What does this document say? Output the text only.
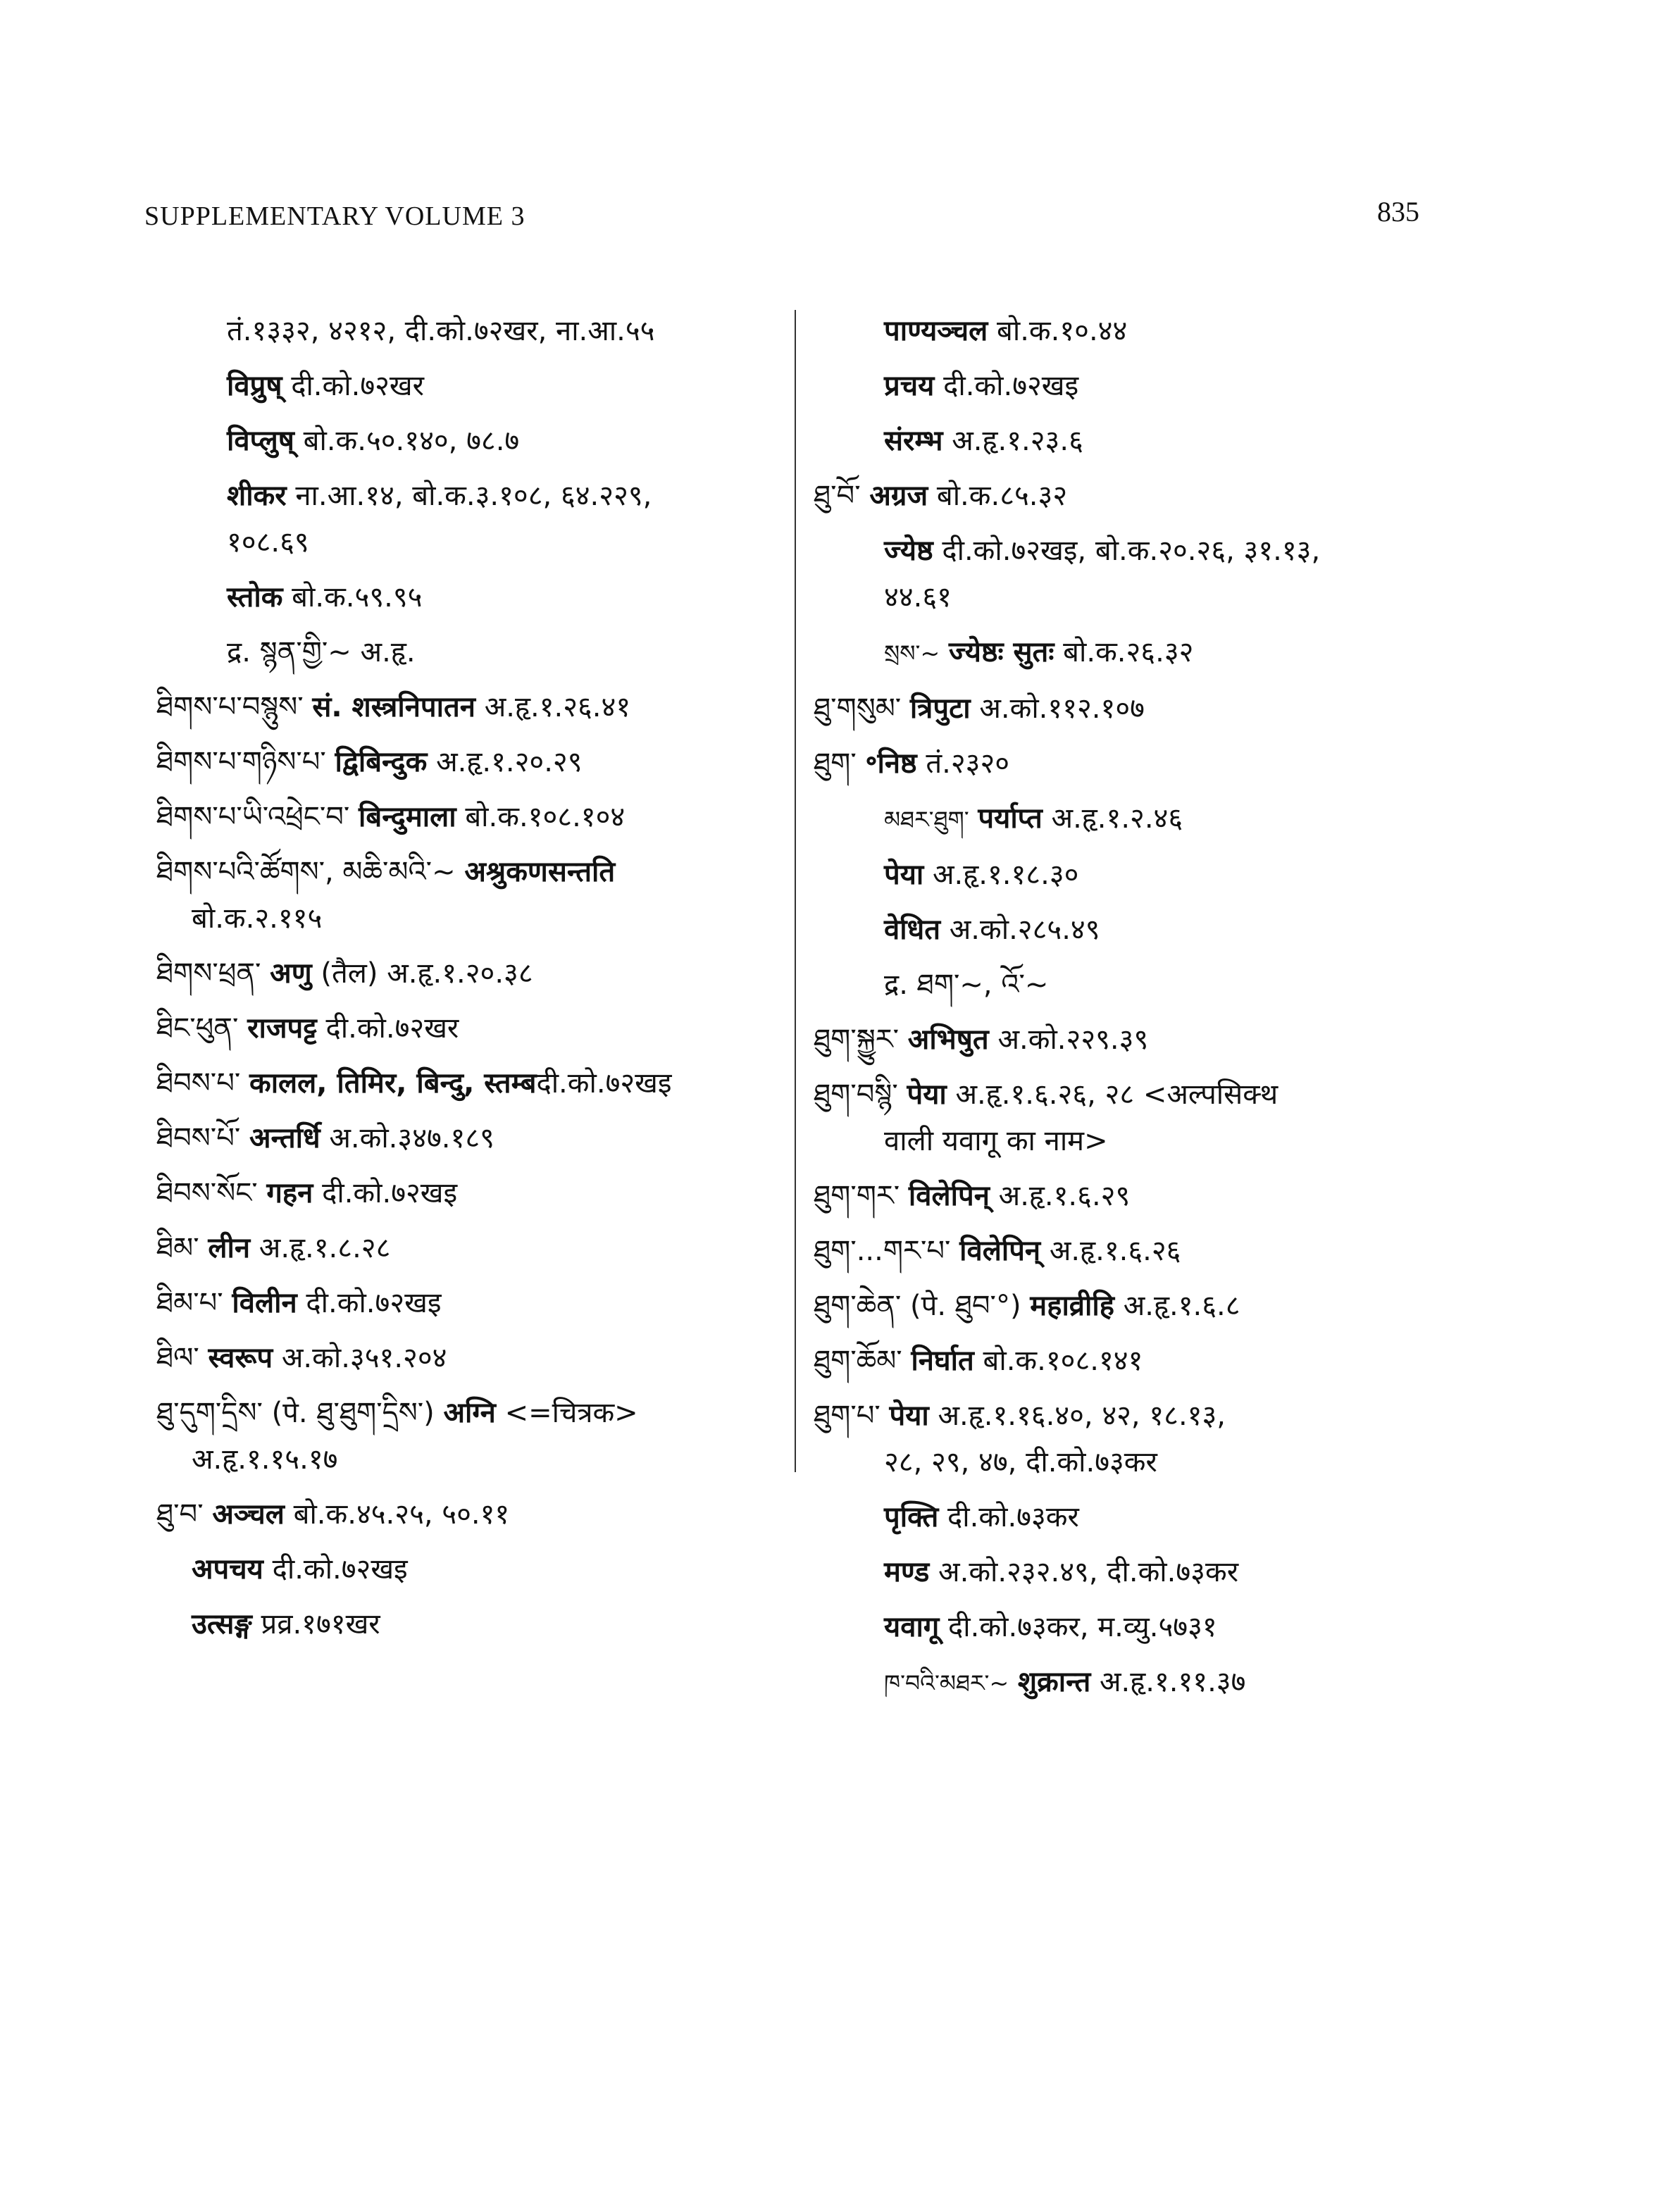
SUPPLEMENTARY VOLUME 3	835
तं.१३३२, ४२१२, दी.को.७२खर, ना.आ.५५
विप्रुष् दी.को.७२खर
विप्लुष् बो.क.५०.१४०, ७८.७
शीकर ना.आ.१४, बो.क.३.१०८, ६४.२२९,
१०८.६९
स्तोक बो.क.५९.९५
द्र. སྙན་གྱི་~ अ.हृ.
ཐིགས་པ་བསྙུས་ सं. शस्त्रनिपातन अ.हृ.१.२६.४१
ཐིགས་པ་གཉིས་པ་ द्विबिन्दुक अ.हृ.१.२०.२९
ཐིགས་པ་ཡི་འཕྲེང་བ་ बिन्दुमाला बो.क.१०८.१०४
ཐིགས་པའི་ཚོགས་, མཆི་མའི་~ अश्रुकणसन्तति
बो.क.२.११५
ཐིགས་ཕྲན་ अणु (तैल) अ.हृ.१.२०.३८
ཐིང་ཕུན་ राजपट्ट दी.को.७२खर
ཐིབས་པ་ कालल, तिमिर, बिन्दु, स्तम्बदी.को.७२खइ
ཐིབས་པོ་ अन्तर्धि अ.को.३४७.१८९
ཐིབས་སོང་ गहन दी.को.७२खइ
ཐིམ་ लीन अ.हृ.१.८.२८
ཐིམ་པ་ विलीन दी.को.७२खइ
ཐིལ་ स्वरूप अ.को.३५१.२०४
ཐུ་དུག་དྲིས་ (पे. ཐུ་ཐུག་དྲིས་) अग्नि <=चित्रक>
अ.हृ.१.१५.१७
ཐུ་བ་ अञ्चल बो.क.४५.२५, ५०.११
अपचय दी.को.७२खइ
उत्सङ्ग प्रव्र.१७१खर
पाण्यञ्चल बो.क.१०.४४
प्रचय दी.को.७२खइ
संरम्भ अ.हृ.१.२३.६
ཐུ་བོ་ अग्रज बो.क.८५.३२
ज्येष्ठ दी.को.७२खइ, बो.क.२०.२६, ३१.१३,
४४.६१
སྲས་~ ज्येष्ठः सुतः बो.क.२६.३२
ཐུ་གསུམ་ त्रिपुटा अ.को.११२.१०७
ཐུག་ ॰निष्ठ तं.२३२०
མཐར་ཐུག་ पर्याप्त अ.हृ.१.२.४६
पेया अ.हृ.१.१८.३०
वेधित अ.को.२८५.४९
द्र. ཐག་~, འོ་~
ཐུག་སྐྱུར་ अभिषुत अ.को.२२९.३९
ཐུག་བསྙི་ पेया अ.हृ.१.६.२६, २८ <अल्पसिक्थ
वाली यवागू का नाम>
ཐུག་གར་ विलेपिन् अ.हृ.१.६.२९
ཐུག་...གར་པ་ विलेपिन् अ.हृ.१.६.२६
ཐུག་ཆེན་ (पे. ཐུབ་°) महाव्रीहि अ.हृ.१.६.८
ཐུག་ཆོམ་ निर्घात बो.क.१०८.१४१
ཐུག་པ་ पेया अ.हृ.१.१६.४०, ४२, १८.१३,
२८, २९, ४७, दी.को.७३कर
पृक्ति दी.को.७३कर
मण्ड अ.को.२३२.४९, दी.को.७३कर
यवागू दी.को.७३कर, म.व्यु.५७३१
ཁ་བའི་མཐར་~ शुक्रान्त अ.हृ.१.११.३७
